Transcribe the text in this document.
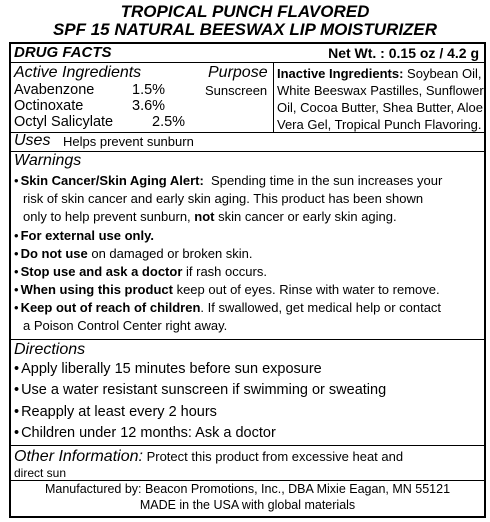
TROPICAL PUNCH FLAVORED
SPF 15 NATURAL BEESWAX LIP MOISTURIZER
DRUG FACTS	Net Wt. : 0.15 oz / 4.2 g
Active Ingredients	Purpose
Avabenzone	1.5%
Octinoxate	3.6%
Octyl Salicylate	2.5%
Sunscreen
Inactive Ingredients: Soybean Oil,
White Beeswax Pastilles, Sunflower
Oil, Cocoa Butter, Shea Butter, Aloe
Vera Gel, Tropical Punch Flavoring.
Uses Helps prevent sunburn
Warnings
• Skin Cancer/Skin Aging Alert: Spending time in the sun increases your
risk of skin cancer and early skin aging. This product has been shown
only to help prevent sunburn, not skin cancer or early skin aging.
• For external use only.
• Do not use on damaged or broken skin.
• Stop use and ask a doctor if rash occurs.
• When using this product keep out of eyes. Rinse with water to remove.
• Keep out of reach of children. If swallowed, get medical help or contact
a Poison Control Center right away.
Directions
• Apply liberally 15 minutes before sun exposure
• Use a water resistant sunscreen if swimming or sweating
• Reapply at least every 2 hours
• Children under 12 months: Ask a doctor
Other Information: Protect this product from excessive heat and
direct sun
Manufactured by: Beacon Promotions, Inc., DBA Mixie Eagan, MN 55121
MADE in the USA with global materials
